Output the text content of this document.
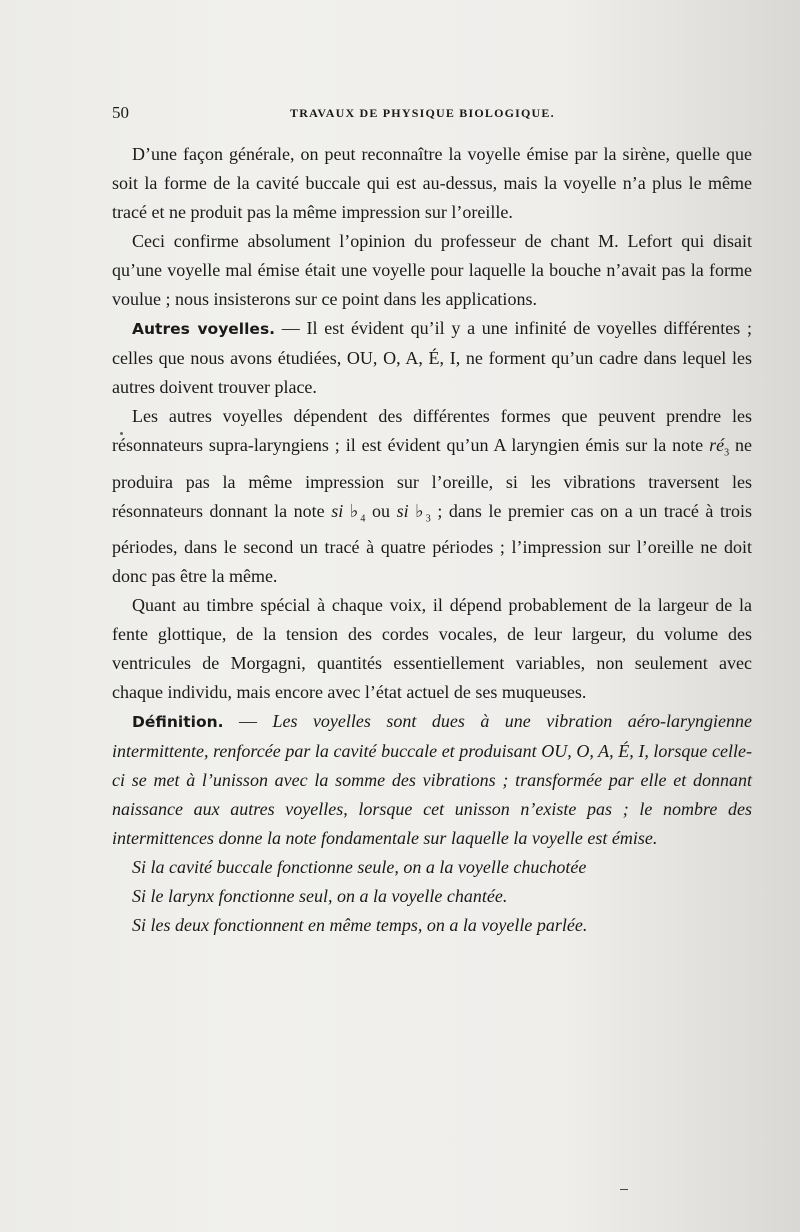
50	TRAVAUX DE PHYSIQUE BIOLOGIQUE.

D’une façon générale, on peut reconnaître la voyelle émise par la sirène, quelle que soit la forme de la cavité buccale qui est au-dessus, mais la voyelle n’a plus le même tracé et ne produit pas la même impression sur l’oreille.

Ceci confirme absolument l’opinion du professeur de chant M. Lefort qui disait qu’une voyelle mal émise était une voyelle pour laquelle la bouche n’avait pas la forme voulue ; nous insisterons sur ce point dans les applications.

Autres voyelles. — Il est évident qu’il y a une infinité de voyelles différentes ; celles que nous avons étudiées, OU, O, A, É, I, ne forment qu’un cadre dans lequel les autres doivent trouver place.

Les autres voyelles dépendent des différentes formes que peuvent prendre les résonnateurs supra-laryngiens ; il est évident qu’un A laryngien émis sur la note $ré_3$ ne produira pas la même impression sur l’oreille, si les vibrations traversent les résonnateurs donnant la note si $♭_4$ ou si $♭_3$ ; dans le premier cas on a un tracé à trois périodes, dans le second un tracé à quatre périodes ; l’impression sur l’oreille ne doit donc pas être la même.

Quant au timbre spécial à chaque voix, il dépend probablement de la largeur de la fente glottique, de la tension des cordes vocales, de leur largeur, du volume des ventricules de Morgagni, quantités essentiellement variables, non seulement avec chaque individu, mais encore avec l’état actuel de ses muqueuses.

Définition. — Les voyelles sont dues à une vibration aéro-laryngienne intermittente, renforcée par la cavité buccale et produisant OU, O, A, É, I, lorsque celle-ci se met à l’unisson avec la somme des vibrations ; transformée par elle et donnant naissance aux autres voyelles, lorsque cet unisson n’existe pas ; le nombre des intermittences donne la note fondamentale sur laquelle la voyelle est émise.

Si la cavité buccale fonctionne seule, on a la voyelle chuchotée

Si le larynx fonctionne seul, on a la voyelle chantée.

Si les deux fonctionnent en même temps, on a la voyelle parlée.
